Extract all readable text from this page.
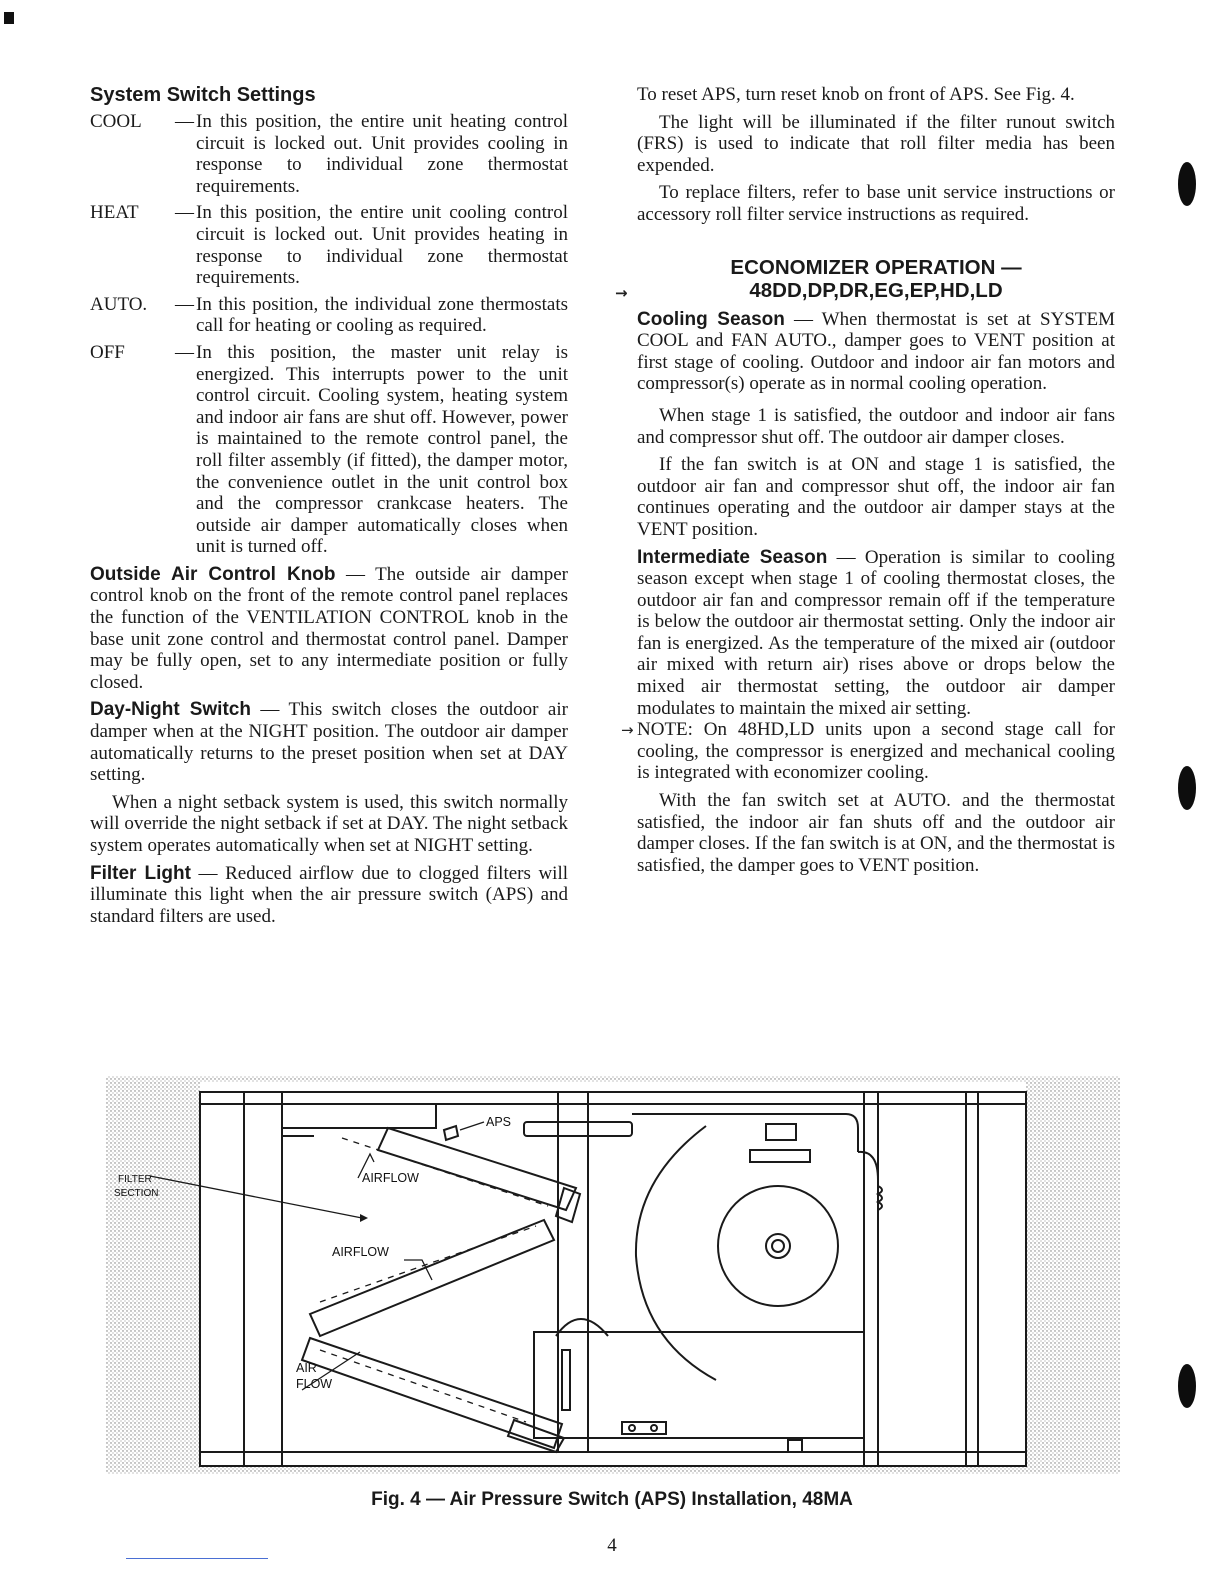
System Switch Settings
COOL	— In this position, the entire unit heating control circuit is locked out. Unit provides cooling in response to individual zone thermostat requirements.

HEAT	— In this position, the entire unit cooling control circuit is locked out. Unit provides heating in response to individual zone thermostat requirements.

AUTO.	— In this position, the individual zone thermostats call for heating or cooling as required.

OFF	— In this position, the master unit relay is energized. This interrupts power to the unit control circuit. Cooling system, heating system and indoor air fans are shut off. However, power is maintained to the remote control panel, the roll filter assembly (if fitted), the damper motor, the convenience outlet in the unit control box and the compressor crankcase heaters. The outside air damper automatically closes when unit is turned off.

Outside Air Control Knob — The outside air damper control knob on the front of the remote control panel replaces the function of the VENTILATION CONTROL knob in the base unit zone control and thermostat control panel. Damper may be fully open, set to any intermediate position or fully closed.

Day-Night Switch — This switch closes the outdoor air damper when at the NIGHT position. The outdoor air damper automatically returns to the preset position when set at DAY setting.

When a night setback system is used, this switch normally will override the night setback if set at DAY. The night setback system operates automatically when set at NIGHT setting.

Filter Light — Reduced airflow due to clogged filters will illuminate this light when the air pressure switch (APS) and standard filters are used.

To reset APS, turn reset knob on front of APS. See Fig. 4.

The light will be illuminated if the filter runout switch (FRS) is used to indicate that roll filter media has been expended.

To replace filters, refer to base unit service instructions or accessory roll filter service instructions as required.

ECONOMIZER OPERATION —
48DD,DP,DR,EG,EP,HD,LD
→

Cooling Season — When thermostat is set at SYSTEM COOL and FAN AUTO., damper goes to VENT position at first stage of cooling. Outdoor and indoor air fan motors and compressor(s) operate as in normal cooling operation.

When stage 1 is satisfied, the outdoor and indoor air fans and compressor shut off. The outdoor air damper closes.

If the fan switch is at ON and stage 1 is satisfied, the outdoor air fan and compressor shut off, the indoor air fan continues operating and the outdoor air damper stays at the VENT position.

Intermediate Season — Operation is similar to cooling season except when stage 1 of cooling thermostat closes, the outdoor air fan and compressor remain off if the temperature is below the outdoor air thermostat setting. Only the indoor air fan is energized. As the temperature of the mixed air (outdoor air mixed with return air) rises above or drops below the mixed air thermostat setting, the outdoor air damper modulates to maintain the mixed air setting.

→ NOTE: On 48HD,LD units upon a second stage call for cooling, the compressor is energized and mechanical cooling is integrated with economizer cooling.

With the fan switch set at AUTO. and the thermostat satisfied, the indoor air fan shuts off and the outdoor air damper closes. If the fan switch is at ON, and the thermostat is satisfied, the damper goes to VENT position.

APS
AIRFLOW
AIRFLOW
AIR
FLOW
FILTER
SECTION
Fig. 4 — Air Pressure Switch (APS) Installation, 48MA
4
